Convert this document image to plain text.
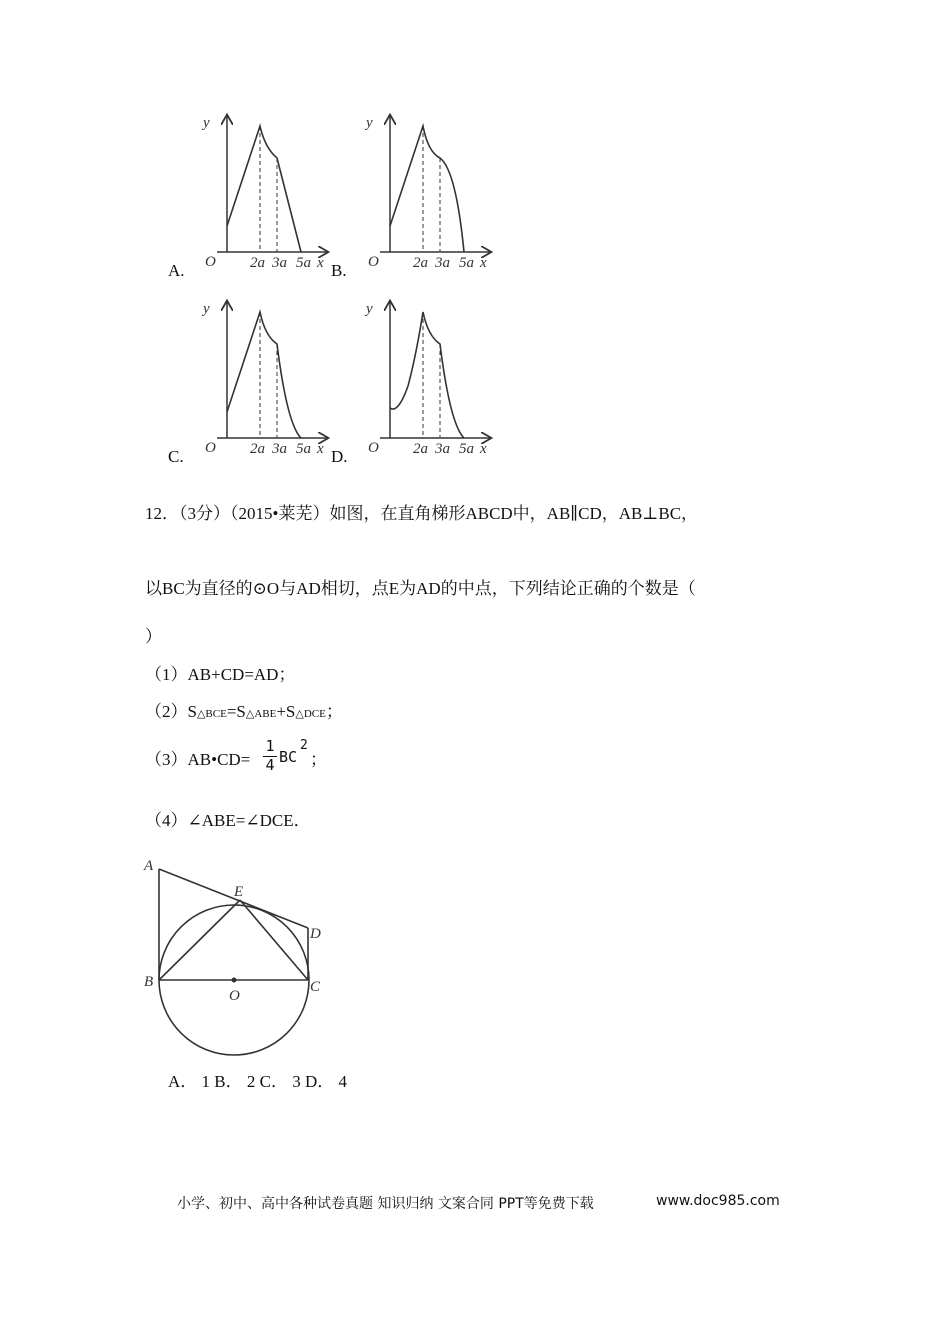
y
O 2a 3a 5a x
A.
y
O 2a 3a 5a x
B.
y
O 2a 3a 5a x
C.
y
O 2a 3a 5a x
D.
12．（3分）（2015•莱芜）如图，在直角梯形ABCD中，AB∥CD，AB⊥BC，
以BC为直径的⊙O与AD相切，点E为AD的中点，下列结论正确的个数是（
）
（1）AB+CD=AD；
（2）S△BCE=S△ABE+S△DCE；
（3）AB•CD=
1
4 BC
2
；
（4）∠ABE=∠DCE．
A
B	C
D
E
O
A． 1 B． 2 C． 3 D． 4
小学、初中、高中各种试卷真题 知识归纳 文案合同 PPT等免费下载	www.doc985.com
